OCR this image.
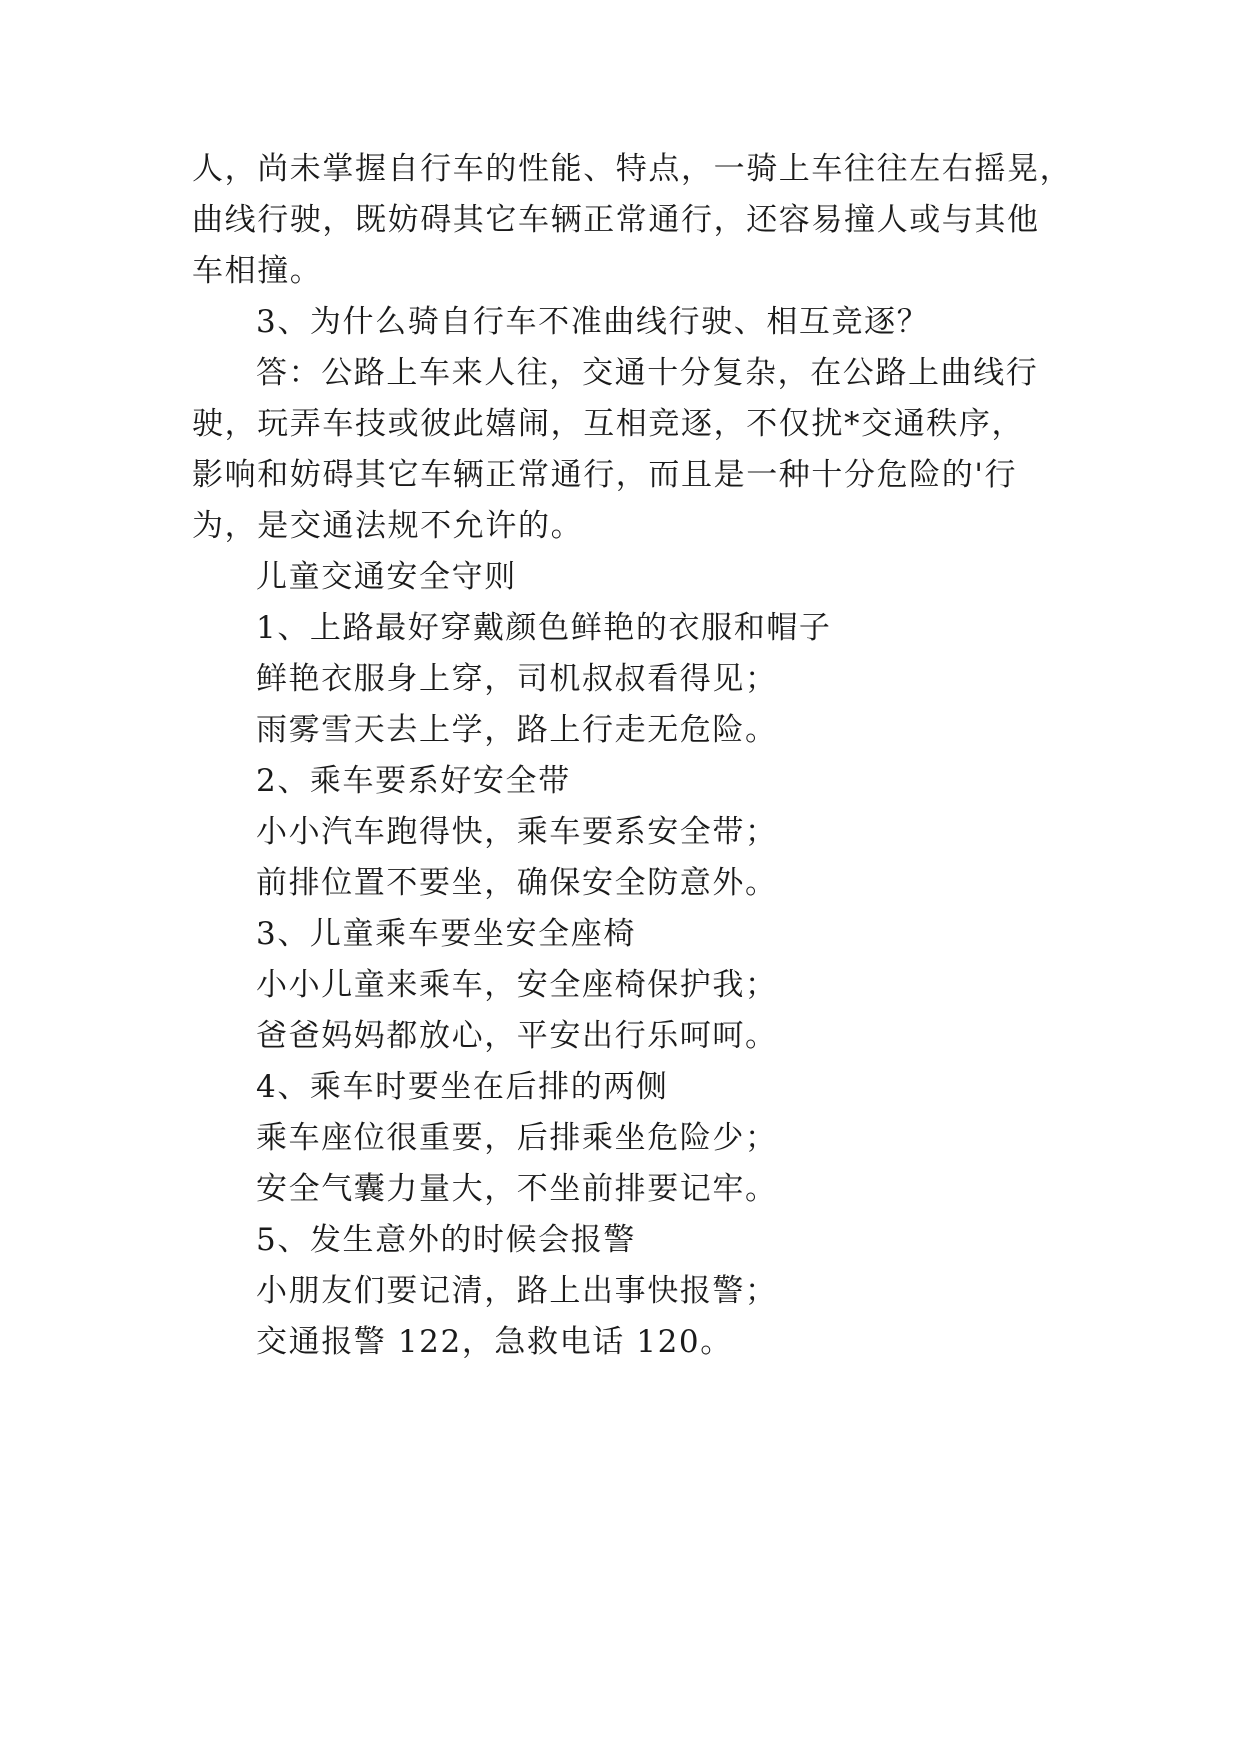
人，尚未掌握自行车的性能、特点，一骑上车往往左右摇晃，
曲线行驶，既妨碍其它车辆正常通行，还容易撞人或与其他
车相撞。
3、为什么骑自行车不准曲线行驶、相互竞逐？
答：公路上车来人往，交通十分复杂，在公路上曲线行
驶，玩弄车技或彼此嬉闹，互相竞逐，不仅扰*交通秩序，
影响和妨碍其它车辆正常通行，而且是一种十分危险的'行
为，是交通法规不允许的。
儿童交通安全守则
1、上路最好穿戴颜色鲜艳的衣服和帽子
鲜艳衣服身上穿，司机叔叔看得见；
雨雾雪天去上学，路上行走无危险。
2、乘车要系好安全带
小小汽车跑得快，乘车要系安全带；
前排位置不要坐，确保安全防意外。
3、儿童乘车要坐安全座椅
小小儿童来乘车，安全座椅保护我；
爸爸妈妈都放心，平安出行乐呵呵。
4、乘车时要坐在后排的两侧
乘车座位很重要，后排乘坐危险少；
安全气囊力量大，不坐前排要记牢。
5、发生意外的时候会报警
小朋友们要记清，路上出事快报警；
交通报警 122，急救电话 120。
